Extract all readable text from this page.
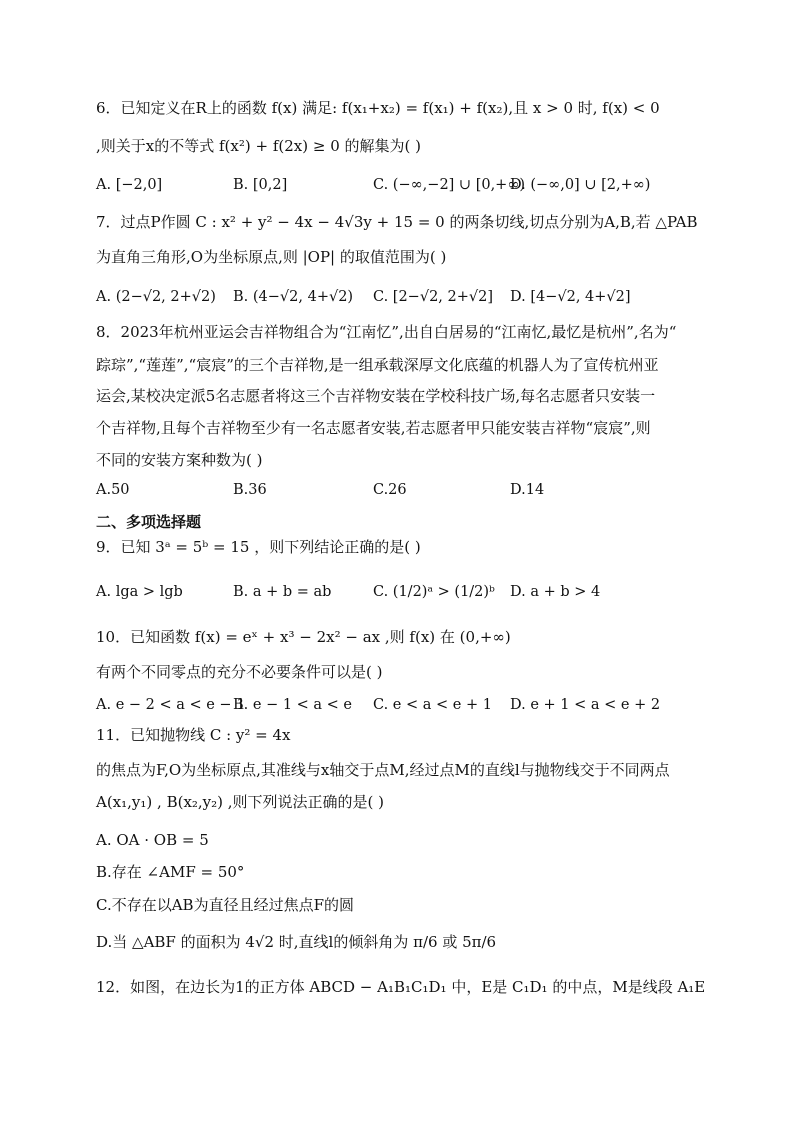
6．已知定义在R上的函数 f(x) 满足: f(x₁+x₂) = f(x₁) + f(x₂),且 x > 0 时, f(x) < 0
,则关于x的不等式 f(x²) + f(2x) ≥ 0 的解集为( )
7．过点P作圆 C : x² + y² − 4x − 4√3y + 15 = 0 的两条切线,切点分别为A,B,若 △PAB
为直角三角形,O为坐标原点,则 |OP| 的取值范围为( )
8．2023年杭州亚运会吉祥物组合为“江南忆”,出自白居易的“江南忆,最忆是杭州”,名为“
踪琮”,“莲莲”,“宸宸”的三个吉祥物,是一组承载深厚文化底蕴的机器人为了宣传杭州亚
运会,某校决定派5名志愿者将这三个吉祥物安装在学校科技广场,每名志愿者只安装一
个吉祥物,且每个吉祥物至少有一名志愿者安装,若志愿者甲只能安装吉祥物“宸宸”,则
不同的安装方案种数为( )
9．已知 3ᵃ = 5ᵇ = 15 ，则下列结论正确的是( )
10．已知函数 f(x) = eˣ + x³ − 2x² − ax ,则 f(x) 在 (0,+∞)
有两个不同零点的充分不必要条件可以是( )
11．已知抛物线 C : y² = 4x
的焦点为F,O为坐标原点,其准线与x轴交于点M,经过点M的直线l与抛物线交于不同两点
A(x₁,y₁) , B(x₂,y₂) ,则下列说法正确的是( )
A. OA · OB = 5
B.存在 ∠AMF = 50°
C.不存在以AB为直径且经过焦点F的圆
D.当 △ABF 的面积为 4√2 时,直线l的倾斜角为 π/6 或 5π/6
12．如图，在边长为1的正方体 ABCD − A₁B₁C₁D₁ 中，E是 C₁D₁ 的中点，M是线段 A₁E
二、多项选择题
A. [−2,0]	B. [0,2]	C. (−∞,−2] ∪ [0,+∞)
D. (−∞,0] ∪ [2,+∞)
A. (2−√2, 2+√2) B. (4−√2, 4+√2) C. [2−√2, 2+√2] D. [4−√2, 4+√2]
A.50	B.36	C.26	D.14
A. lga > lgb	B. a + b = ab	C. (1/2)ᵃ > (1/2)ᵇ D. a + b > 4
A. e − 2 < a < e − 1
B. e − 1 < a < e C. e < a < e + 1 D. e + 1 < a < e + 2
